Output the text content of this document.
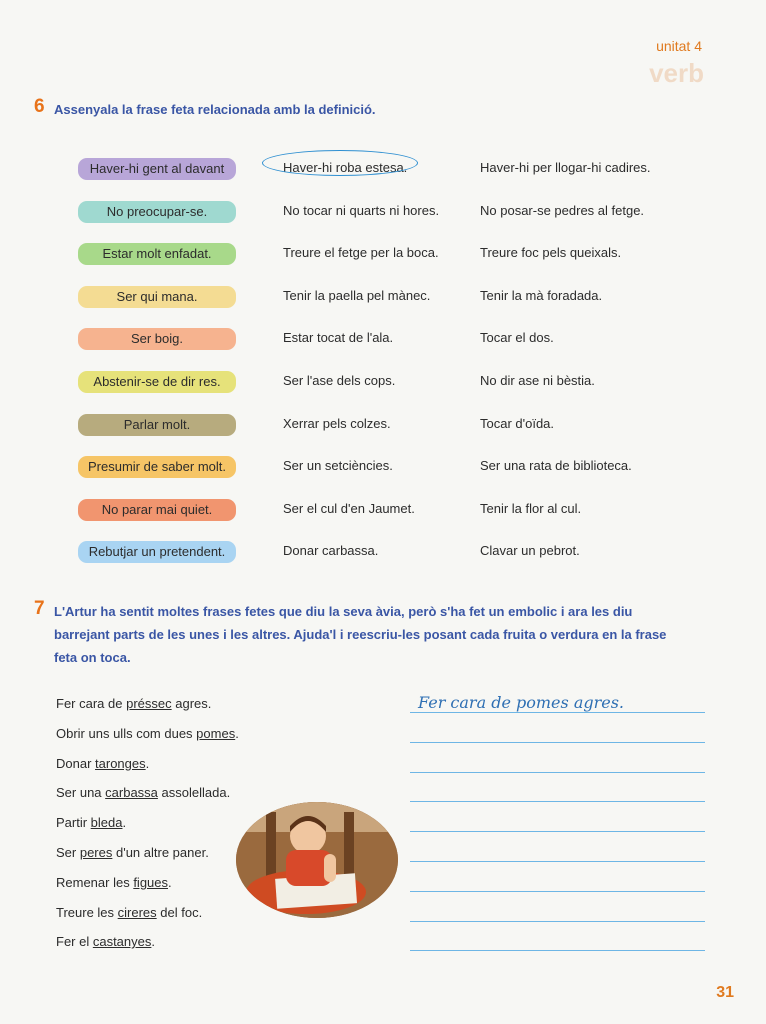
verb
unitat 4
6 Assenyala la frase feta relacionada amb la definició.
Haver-hi gent al davant	Haver-hi roba estesa.	Haver-hi per llogar-hi cadires.
No preocupar-se.	No tocar ni quarts ni hores.	No posar-se pedres al fetge.
Estar molt enfadat.	Treure el fetge per la boca.	Treure foc pels queixals.
Ser qui mana.	Tenir la paella pel mànec.	Tenir la mà foradada.
Ser boig.	Estar tocat de l'ala.	Tocar el dos.
Abstenir-se de dir res.	Ser l'ase dels cops.	No dir ase ni bèstia.
Parlar molt.	Xerrar pels colzes.	Tocar d'oïda.
Presumir de saber molt.	Ser un setciències.	Ser una rata de biblioteca.
No parar mai quiet.	Ser el cul d'en Jaumet.	Tenir la flor al cul.
Rebutjar un pretendent.	Donar carbassa.	Clavar un pebrot.
7 L'Artur ha sentit moltes frases fetes que diu la seva àvia, però s'ha fet un embolic i ara les diu
barrejant parts de les unes i les altres. Ajuda'l i reescriu-les posant cada fruita o verdura en la frase
feta on toca.
Fer cara de préssec agres.
Obrir uns ulls com dues pomes.
Donar taronges.
Ser una carbassa assolellada.
Partir bleda.
Ser peres d'un altre paner.
Remenar les figues.
Treure les cireres del foc.
Fer el castanyes.
Fer cara de pomes agres.
31
